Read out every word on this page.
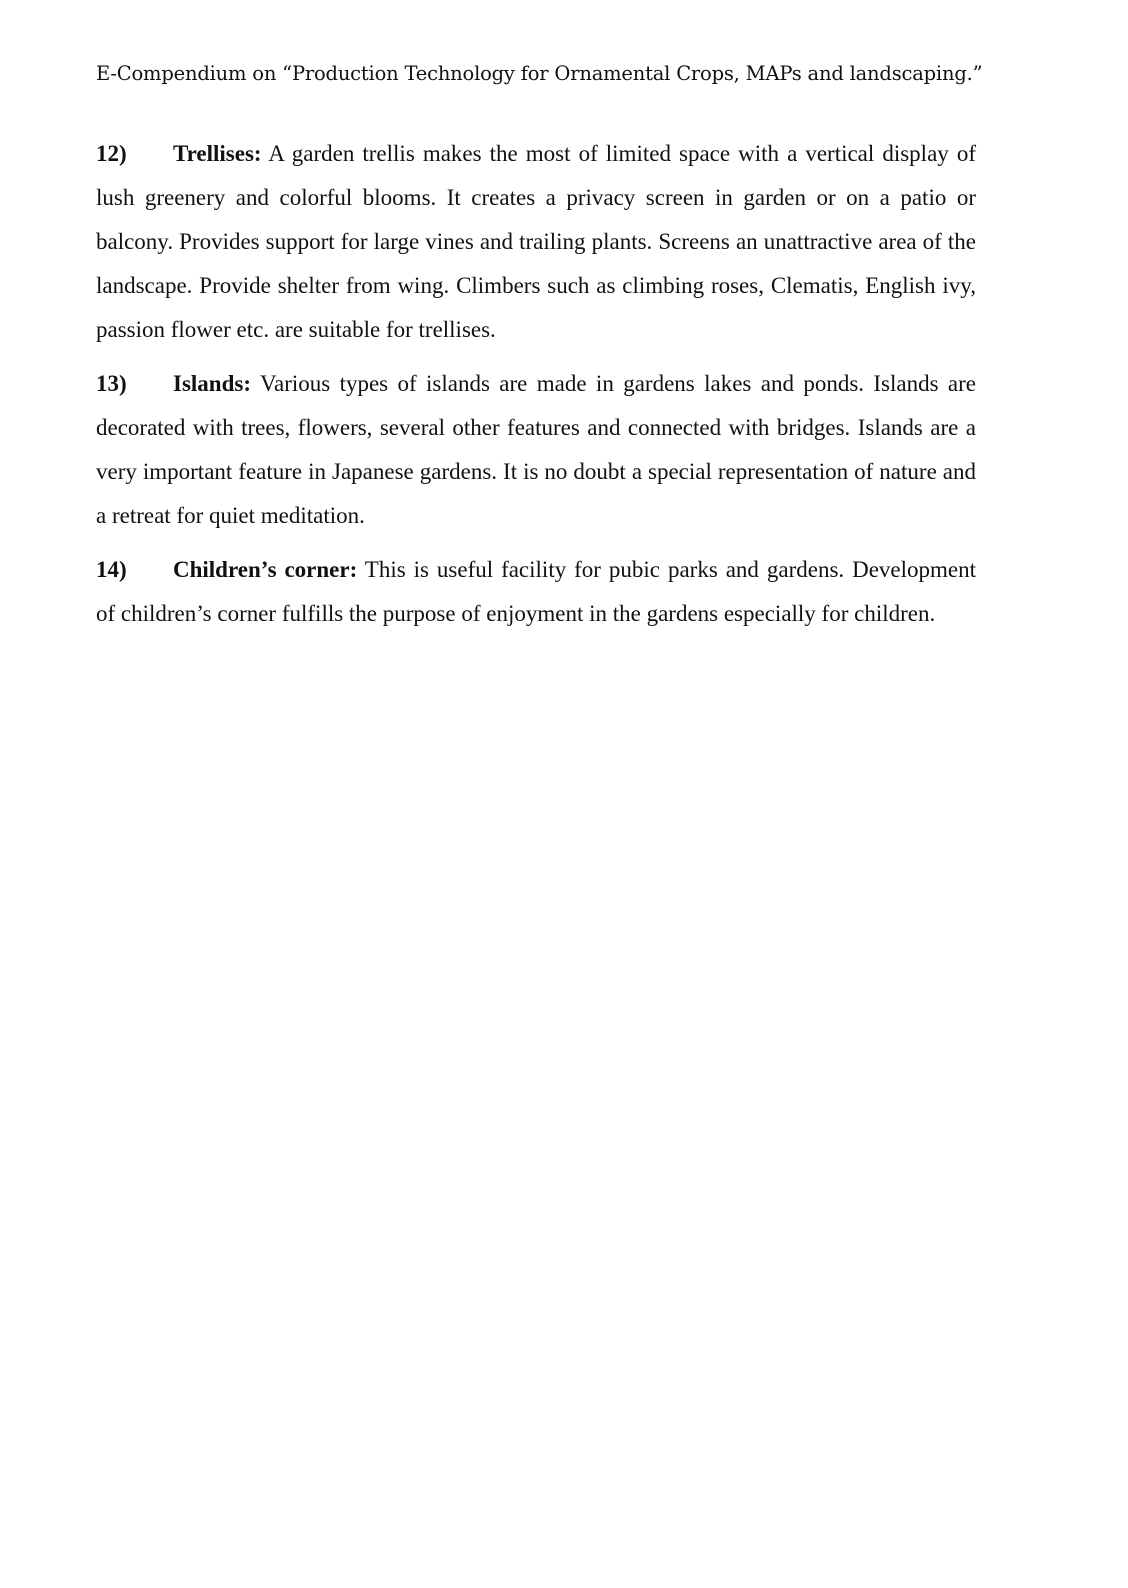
E-Compendium on “Production Technology for Ornamental Crops, MAPs and landscaping.”

12) Trellises: A garden trellis makes the most of limited space with a vertical display of lush greenery and colorful blooms. It creates a privacy screen in garden or on a patio or balcony. Provides support for large vines and trailing plants. Screens an unattractive area of the landscape. Provide shelter from wing. Climbers such as climbing roses, Clematis, English ivy, passion flower etc. are suitable for trellises.

13) Islands: Various types of islands are made in gardens lakes and ponds. Islands are decorated with trees, flowers, several other features and connected with bridges. Islands are a very important feature in Japanese gardens. It is no doubt a special representation of nature and a retreat for quiet meditation.

14) Children’s corner: This is useful facility for pubic parks and gardens. Development of children’s corner fulfills the purpose of enjoyment in the gardens especially for children.
